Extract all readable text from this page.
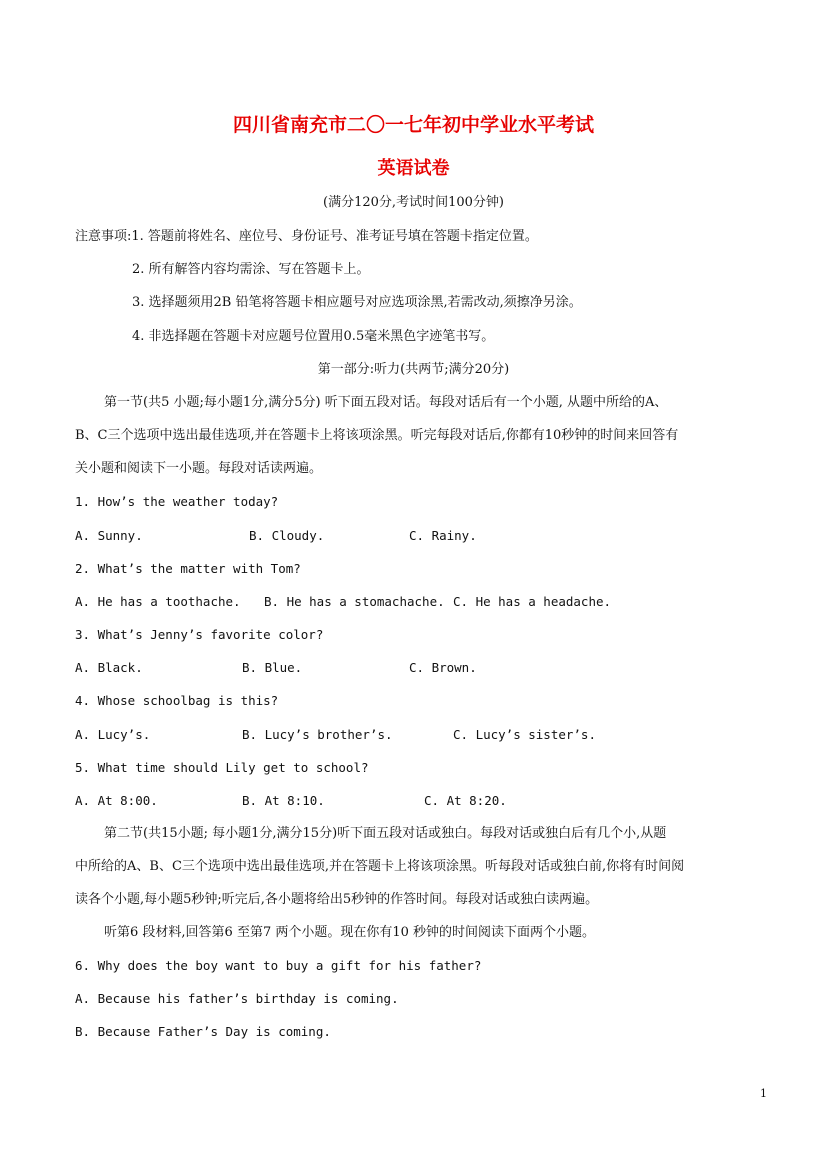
四川省南充市二〇一七年初中学业水平考试
英语试卷
(满分120分,考试时间100分钟)
注意事项:1. 答题前将姓名、座位号、身份证号、准考证号填在答题卡指定位置。
2. 所有解答内容均需涂、写在答题卡上。
3. 选择题须用2B 铅笔将答题卡相应题号对应选项涂黑,若需改动,须擦净另涂。
4. 非选择题在答题卡对应题号位置用0.5毫米黑色字迹笔书写。
第一部分:听力(共两节;满分20分)
第一节(共5 小题;每小题1分,满分5分) 听下面五段对话。每段对话后有一个小题, 从题中所给的A、
B、C三个选项中选出最佳选项,并在答题卡上将该项涂黑。听完每段对话后,你都有10秒钟的时间来回答有
关小题和阅读下一小题。每段对话读两遍。
1. How’s the weather today?
A. Sunny.	B. Cloudy.	C. Rainy.
2. What’s the matter with Tom?
A. He has a toothache. B. He has a stomachache. C. He has a headache.
3. What’s Jenny’s favorite color?
A. Black.	B. Blue.	C. Brown.
4. Whose schoolbag is this?
A. Lucy’s.	B. Lucy’s brother’s.	C. Lucy’s sister’s.
5. What time should Lily get to school?
A. At 8:00.	B. At 8:10.	C. At 8:20.
第二节(共15小题; 每小题1分,满分15分)听下面五段对话或独白。每段对话或独白后有几个小,从题
中所给的A、B、C三个选项中选出最佳选项,并在答题卡上将该项涂黑。听每段对话或独白前,你将有时间阅
读各个小题,每小题5秒钟;听完后,各小题将给出5秒钟的作答时间。每段对话或独白读两遍。
听第6 段材料,回答第6 至第7 两个小题。现在你有10 秒钟的时间阅读下面两个小题。
6. Why does the boy want to buy a gift for his father?
A. Because his father’s birthday is coming.
B. Because Father’s Day is coming.
1
